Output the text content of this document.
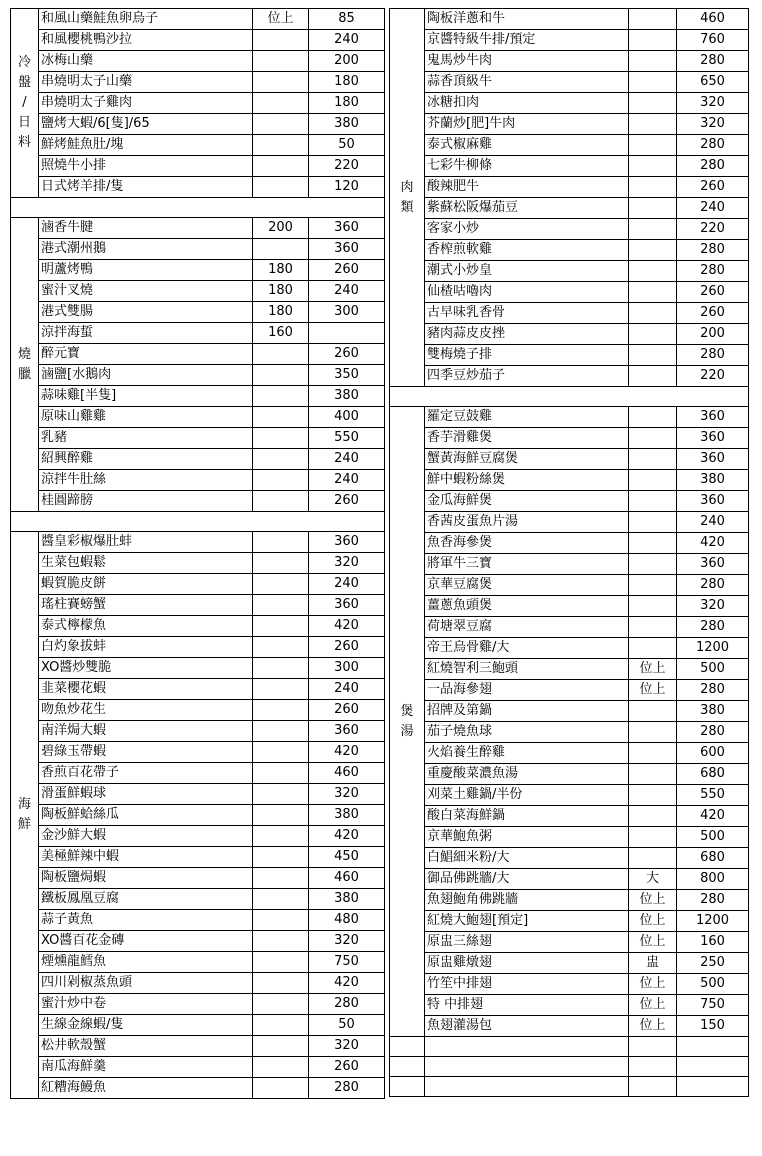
冷
盤
/
日
料	和風山藥鮭魚卵烏子	位上	85
	和風櫻桃鴨沙拉		240
	冰梅山藥		200
	串燒明太子山藥		180
	串燒明太子雞肉		180
	鹽烤大蝦/6[隻]/65		380
	鮮烤鮭魚肚/塊		50
	照燒牛小排		220
	日式烤羊排/隻		120

燒
臘	滷香牛腱	200	360
	港式潮州鵝		360
	明蘆烤鴨	180	260
	蜜汁叉燒	180	240
	港式雙腸	180	300
	涼拌海蜇	160	
	醉元寶		260
	滷鹽[水鵝肉		350
	蒜味雞[半隻]		380
	原味山雞雞		400
	乳豬		550
	紹興醉雞		240
	涼拌牛肚絲		240
	桂圓蹄膀		260

海
鮮	醬皇彩椒爆肚蚌		360
	生菜包蝦鬆		320
	蝦賀脆皮餅		240
	瑤柱賽螃蟹		360
	泰式檸檬魚		420
	白灼象拔蚌		260
	XO醬炒雙脆		300
	韭菜櫻花蝦		240
	吻魚炒花生		260
	南洋焗大蝦		360
	碧綠玉帶蝦		420
	香煎百花帶子		460
	滑蛋鮮蝦球		320
	陶板鮮蛤絲瓜		380
	金沙鮮大蝦		420
	美極鮮辣中蝦		450
	陶板鹽焗蝦		460
	鐵板鳳凰豆腐		380
	蒜子黃魚		480
	XO醬百花金磚		320
	煙燻龍鱈魚		750
	四川剁椒蒸魚頭		420
	蜜汁炒中卷		280
	生線金線蝦/隻		50
	松井軟殼蟹		320
	南瓜海鮮羹		260
	紅糟海鰻魚		280
肉
類	陶板洋蔥和牛		460
	京醬特級牛排/預定		760
	鬼馬炒牛肉		280
	蒜香頂級牛		650
	冰糖扣肉		320
	芥蘭炒[肥]牛肉		320
	泰式椒麻雞		280
	七彩牛柳條		280
	酸辣肥牛		260
	紫蘇松阪爆茄豆		240
	客家小炒		220
	香榨煎軟雞		280
	潮式小炒皇		280
	仙楂咕嚕肉		260
	古早味乳香骨		260
	豬肉蒜皮皮挫		200
	雙梅燒子排		280
	四季豆炒茄子		220

煲
湯	羅定豆鼓雞		360
	香芋滑雞煲		360
	蟹黃海鮮豆腐煲		360
	鮮中蝦粉絲煲		380
	金瓜海鮮煲		360
	香茜皮蛋魚片湯		240
	魚香海參煲		420
	將軍牛三寶		360
	京華豆腐煲		280
	薑蔥魚頭煲		320
	荷塘翠豆腐		280
	帝王烏骨雞/大		1200
	紅燒智利三鮑頭	位上	500
	一品海參翅	位上	280
	招牌及第鍋		380
	茄子燒魚球		280
	火焰養生醉雞		600
	重慶酸菜濃魚湯		680
	刈菜土雞鍋/半份		550
	酸白菜海鮮鍋		420
	京華鮑魚粥		500
	白鯧細米粉/大		680
	御品佛跳牆/大	大	800
	魚翅鮑角佛跳牆	位上	280
	紅燒大鮑翅[預定]	位上	1200
	原盅三絲翅	位上	160
	原盅雞燉翅	盅	250
	竹笙中排翅	位上	500
	特 中排翅	位上	750
	魚翅灌湯包	位上	150
